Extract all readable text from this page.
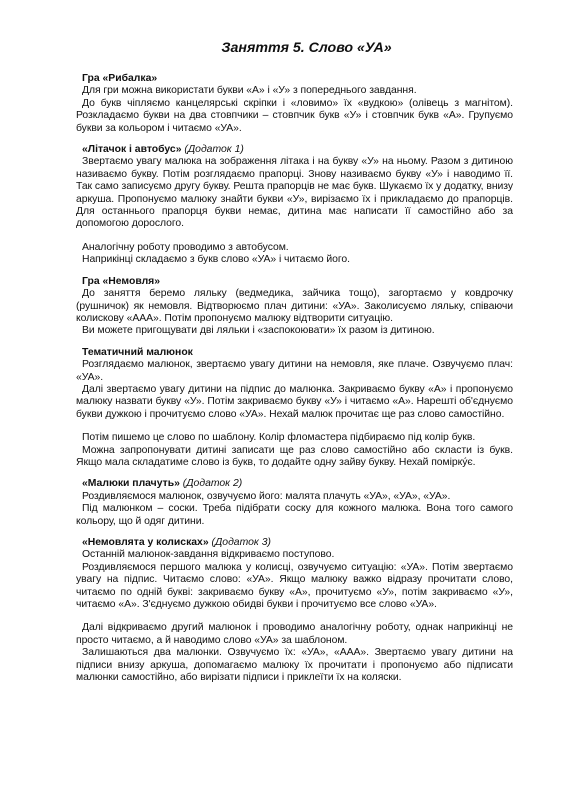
Заняття 5. Слово «УА»
Гра «Рибалка»

Для гри можна використати букви «А» і «У» з попереднього завдання.

До букв чіпляємо канцелярські скріпки і «ловимо» їх «вудкою» (олівець з магнітом). Розкладаємо букви на два стовпчики – стовпчик букв «У» і стовпчик букв «А». Групуємо букви за кольором і читаємо «УА».

«Літачок і автобус» (Додаток 1)

Звертаємо увагу малюка на зображення літака і на букву «У» на ньому. Разом з дитиною називаємо букву. Потім розглядаємо прапорці. Знову називаємо букву «У» і наводимо її. Так само записуємо другу букву. Решта прапорців не має букв. Шукаємо їх у додатку, внизу аркуша. Пропонуємо малюку знайти букви «У», вирізаємо їх і прикладаємо до прапорців. Для останнього прапорця букви немає, дитина має написати її самостійно або за допомогою дорослого.

Аналогічну роботу проводимо з автобусом.

Наприкінці складаємо з букв слово «УА» і читаємо його.

Гра «Немовля»

До заняття беремо ляльку (ведмедика, зайчика тощо), загортаємо у ковдрочку (рушничок) як немовля. Відтворюємо плач дитини: «УА». Заколисуємо ляльку, співаючи колискову «ААА». Потім пропонуємо малюку відтворити ситуацію.

Ви можете пригощувати дві ляльки і «заспокоювати» їх разом із дитиною.

Тематичний малюнок

Розглядаємо малюнок, звертаємо увагу дитини на немовля, яке плаче. Озвучуємо плач: «УА».

Далі звертаємо увагу дитини на підпис до малюнка. Закриваємо букву «А» і пропонуємо малюку назвати букву «У». Потім закриваємо букву «У» і читаємо «А». Нарешті об'єднуємо букви дужкою і прочитуємо слово «УА». Нехай малюк прочитає ще раз слово самостійно.

Потім пишемо це слово по шаблону. Колір фломастера підбираємо під колір букв.

Можна запропонувати дитині записати ще раз слово самостійно або скласти із букв. Якщо мала складатиме слово із букв, то додайте одну зайву букву. Нехай помірку́є.

«Малюки плачуть» (Додаток 2)

Роздивляємося малюнок, озвучуємо його: малята плачуть «УА», «УА», «УА».

Під малюнком – соски. Треба підібрати соску для кожного малюка. Вона того самого кольору, що й одяг дитини.

«Немовлята у колисках» (Додаток 3)

Останній малюнок-завдання відкриваємо поступово.

Роздивляємося першого малюка у колисці, озвучуємо ситуацію: «УА». Потім звертаємо увагу на підпис. Читаємо слово: «УА». Якщо малюку важко відразу прочитати слово, читаємо по одній букві: закриваємо букву «А», прочитуємо «У», потім закриваємо «У», читаємо «А». З'єднуємо дужкою обидві букви і прочитуємо все слово «УА».

Далі відкриваємо другий малюнок і проводимо аналогічну роботу, однак наприкінці не просто читаємо, а й наводимо слово «УА» за шаблоном.

Залишаються два малюнки. Озвучуємо їх: «УА», «ААА». Звертаємо увагу дитини на підписи внизу аркуша, допомагаємо малюку їх прочитати і пропонуємо або підписати малюнки самостійно, або вирізати підписи і приклеїти їх на коляски.
